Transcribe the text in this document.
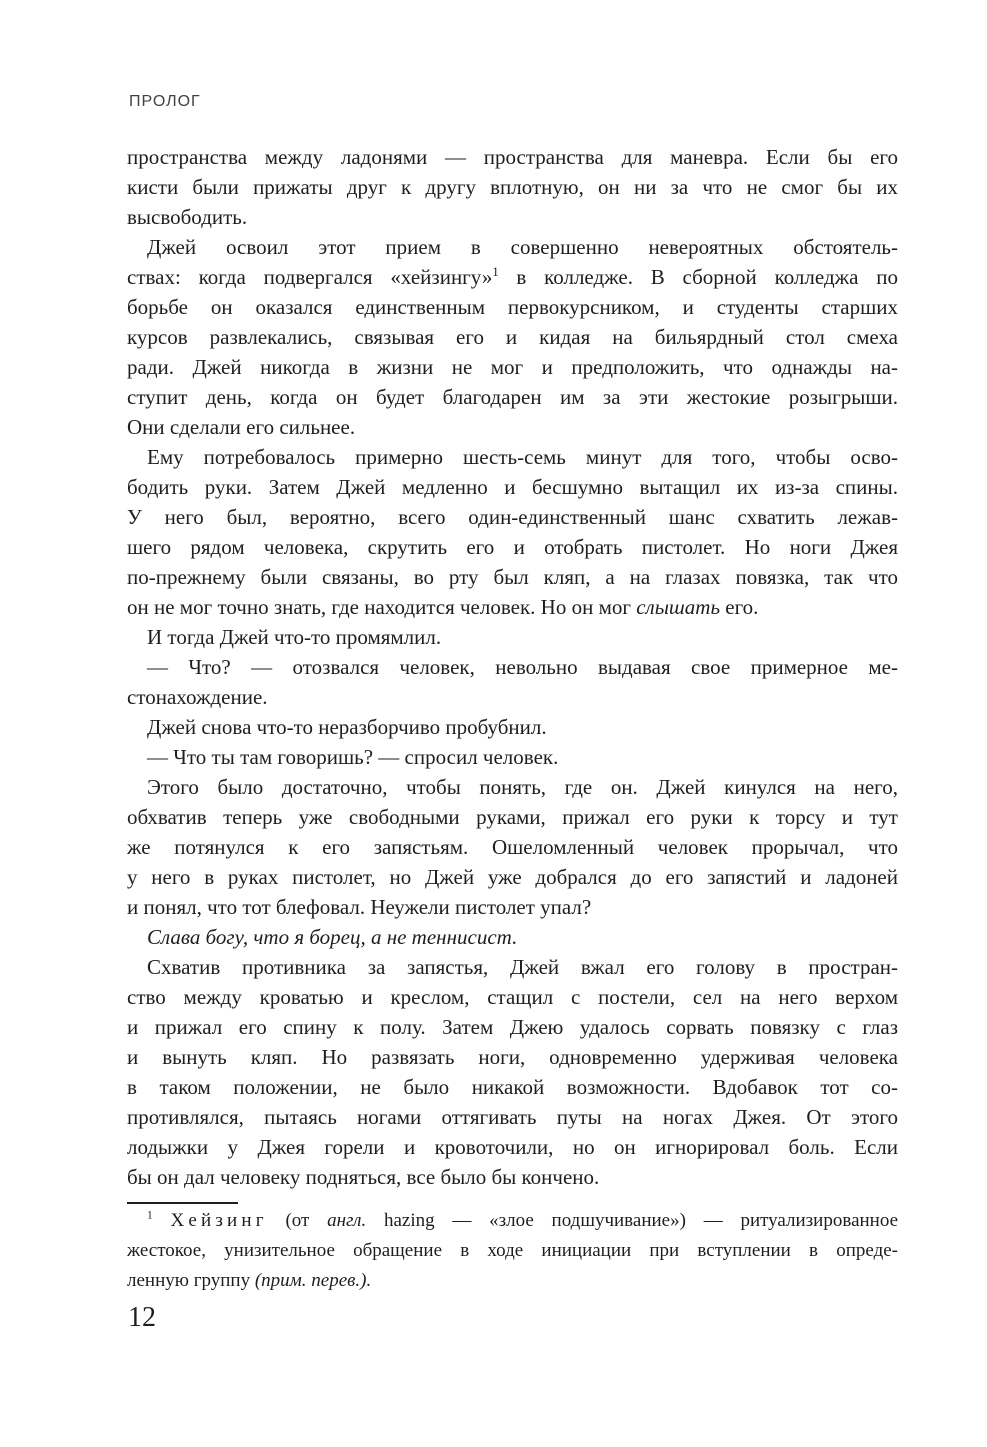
ПРОЛОГ
пространства между ладонями — пространства для маневра. Если бы его
кисти были прижаты друг к другу вплотную, он ни за что не смог бы их
высвободить.
Джей освоил этот прием в совершенно невероятных обстоятель-
ствах: когда подвергался «хейзингу»$^1$ в колледже. В сборной колледжа по
борьбе он оказался единственным первокурсником, и студенты старших
курсов развлекались, связывая его и кидая на бильярдный стол смеха
ради. Джей никогда в жизни не мог и предположить, что однажды на-
ступит день, когда он будет благодарен им за эти жестокие розыгрыши.
Они сделали его сильнее.
Ему потребовалось примерно шесть-семь минут для того, чтобы осво-
бодить руки. Затем Джей медленно и бесшумно вытащил их из-за спины.
У него был, вероятно, всего один-единственный шанс схватить лежав-
шего рядом человека, скрутить его и отобрать пистолет. Но ноги Джея
по-прежнему были связаны, во рту был кляп, а на глазах повязка, так что
он не мог точно знать, где находится человек. Но он мог слышать его.
И тогда Джей что-то промямлил.
— Что? — отозвался человек, невольно выдавая свое примерное ме-
стонахождение.
Джей снова что-то неразборчиво пробубнил.
— Что ты там говоришь? — спросил человек.
Этого было достаточно, чтобы понять, где он. Джей кинулся на него,
обхватив теперь уже свободными руками, прижал его руки к торсу и тут
же потянулся к его запястьям. Ошеломленный человек прорычал, что
у него в руках пистолет, но Джей уже добрался до его запястий и ладоней
и понял, что тот блефовал. Неужели пистолет упал?
Слава богу, что я борец, а не теннисист.
Схватив противника за запястья, Джей вжал его голову в простран-
ство между кроватью и креслом, стащил с постели, сел на него верхом
и прижал его спину к полу. Затем Джею удалось сорвать повязку с глаз
и вынуть кляп. Но развязать ноги, одновременно удерживая человека
в таком положении, не было никакой возможности. Вдобавок тот со-
противлялся, пытаясь ногами оттягивать путы на ногах Джея. От этого
лодыжки у Джея горели и кровоточили, но он игнорировал боль. Если
бы он дал человеку подняться, все было бы кончено.
$^1$ Хейзинг (от англ. hazing — «злое подшучивание») — ритуализированное
жестокое, унизительное обращение в ходе инициации при вступлении в опреде-
ленную группу (прим. перев.).
12
